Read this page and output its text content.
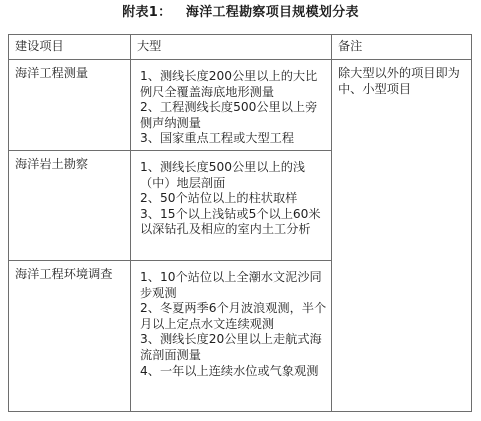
附表1：   海洋工程勘察项目规模划分表
建设项目	大型	备注
海洋工程测量	1、测线长度200公里以上的大比例尺全覆盖海底地形测量
2、工程测线长度500公里以上旁侧声纳测量
3、国家重点工程或大型工程	除大型以外的项目即为中、小型项目
海洋岩土勘察	1、测线长度500公里以上的浅（中）地层剖面
2、50个站位以上的柱状取样
3、15个以上浅钻或5个以上60米以深钻孔及相应的室内土工分析	

海洋工程环境调查	1、10个站位以上全潮水文泥沙同步观测
2、冬夏两季6个月波浪观测，半个月以上定点水文连续观测
3、测线长度20公里以上走航式海流剖面测量
4、一年以上连续水位或气象观测	
